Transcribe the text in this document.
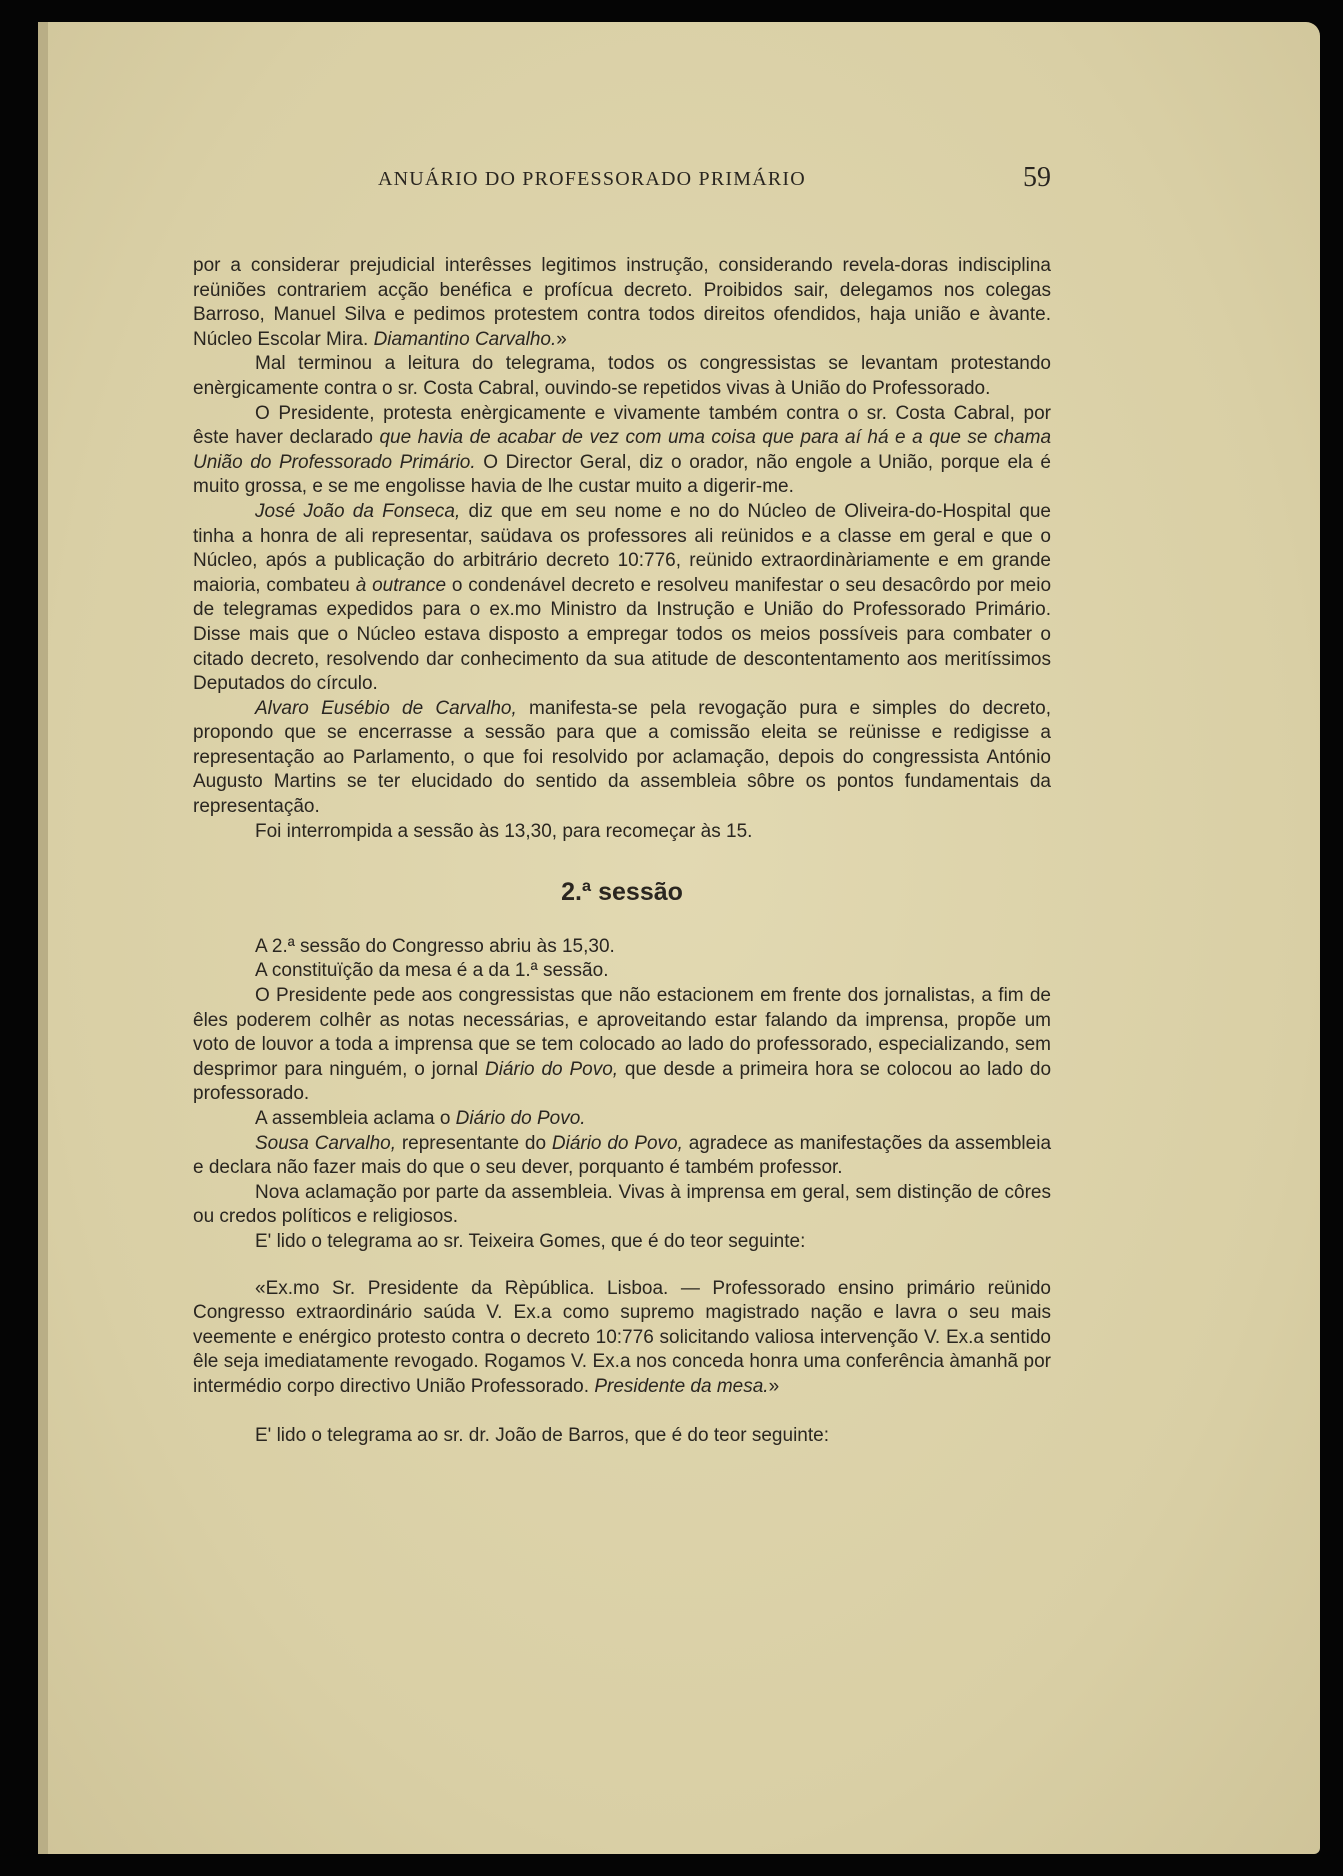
ANUÁRIO DO PROFESSORADO PRIMÁRIO	59

por a considerar prejudicial interêsses legitimos instrução, considerando revela-doras indisciplina reüniões contrariem acção benéfica e profícua decreto. Proibidos sair, delegamos nos colegas Barroso, Manuel Silva e pedimos protestem contra todos direitos ofendidos, haja união e àvante. Núcleo Escolar Mira. Diamantino Carvalho.»

Mal terminou a leitura do telegrama, todos os congressistas se levantam protestando enèrgicamente contra o sr. Costa Cabral, ouvindo-se repetidos vivas à União do Professorado.

O Presidente, protesta enèrgicamente e vivamente também contra o sr. Costa Cabral, por êste haver declarado que havia de acabar de vez com uma coisa que para aí há e a que se chama União do Professorado Primário. O Director Geral, diz o orador, não engole a União, porque ela é muito grossa, e se me engolisse havia de lhe custar muito a digerir-me.

José João da Fonseca, diz que em seu nome e no do Núcleo de Oliveira-do-Hospital que tinha a honra de ali representar, saüdava os professores ali reünidos e a classe em geral e que o Núcleo, após a publicação do arbitrário decreto 10:776, reünido extraordinàriamente e em grande maioria, combateu à outrance o condenável decreto e resolveu manifestar o seu desacôrdo por meio de telegramas expedidos para o ex.mo Ministro da Instrução e União do Professorado Primário. Disse mais que o Núcleo estava disposto a empregar todos os meios possíveis para combater o citado decreto, resolvendo dar conhecimento da sua atitude de descontentamento aos meritíssimos Deputados do círculo.

Alvaro Eusébio de Carvalho, manifesta-se pela revogação pura e simples do decreto, propondo que se encerrasse a sessão para que a comissão eleita se reünisse e redigisse a representação ao Parlamento, o que foi resolvido por aclamação, depois do congressista António Augusto Martins se ter elucidado do sentido da assembleia sôbre os pontos fundamentais da representação.

Foi interrompida a sessão às 13,30, para recomeçar às 15.

2.ª sessão

A 2.ª sessão do Congresso abriu às 15,30.

A constituïção da mesa é a da 1.ª sessão.

O Presidente pede aos congressistas que não estacionem em frente dos jornalistas, a fim de êles poderem colhêr as notas necessárias, e aproveitando estar falando da imprensa, propõe um voto de louvor a toda a imprensa que se tem colocado ao lado do professorado, especializando, sem desprimor para ninguém, o jornal Diário do Povo, que desde a primeira hora se colocou ao lado do professorado.

A assembleia aclama o Diário do Povo.

Sousa Carvalho, representante do Diário do Povo, agradece as manifestações da assembleia e declara não fazer mais do que o seu dever, porquanto é também professor.

Nova aclamação por parte da assembleia. Vivas à imprensa em geral, sem distinção de côres ou credos políticos e religiosos.

E' lido o telegrama ao sr. Teixeira Gomes, que é do teor seguinte:

«Ex.mo Sr. Presidente da Rèpública. Lisboa. — Professorado ensino primário reünido Congresso extraordinário saúda V. Ex.a como supremo magistrado nação e lavra o seu mais veemente e enérgico protesto contra o decreto 10:776 solicitando valiosa intervenção V. Ex.a sentido êle seja imediatamente revogado. Rogamos V. Ex.a nos conceda honra uma conferência àmanhã por intermédio corpo directivo União Professorado. Presidente da mesa.»

E' lido o telegrama ao sr. dr. João de Barros, que é do teor seguinte:
